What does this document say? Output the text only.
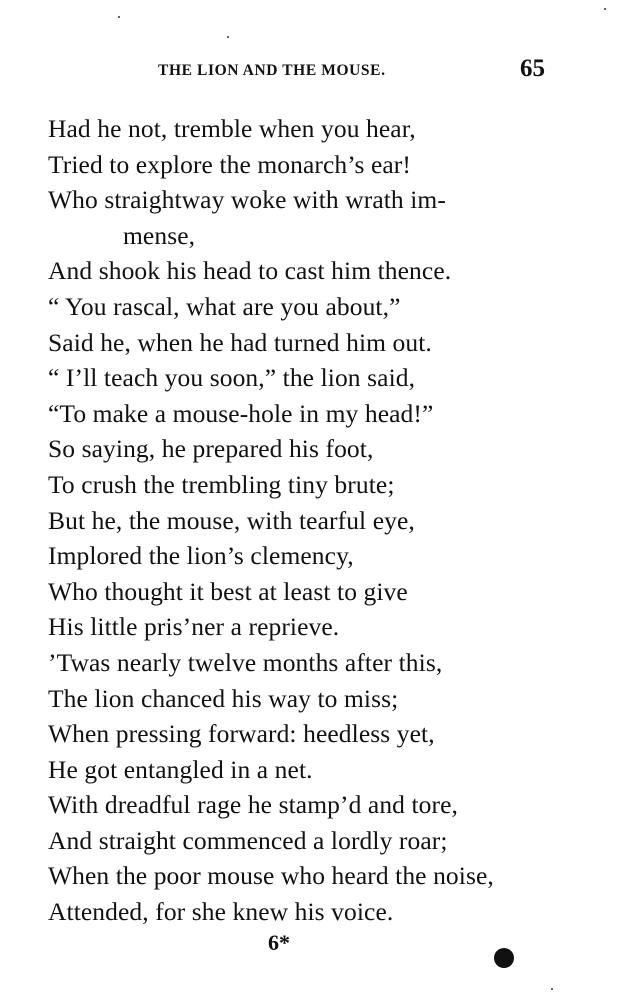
THE LION AND THE MOUSE.	65
Had he not, tremble when you hear,
Tried to explore the monarch’s ear!
Who straightway woke with wrath im-
mense,
And shook his head to cast him thence.
“ You rascal, what are you about,”
Said he, when he had turned him out.
“ I’ll teach you soon,” the lion said,
“To make a mouse-hole in my head!”
So saying, he prepared his foot,
To crush the trembling tiny brute;
But he, the mouse, with tearful eye,
Implored the lion’s clemency,
Who thought it best at least to give
His little pris’ner a reprieve.
’Twas nearly twelve months after this,
The lion chanced his way to miss;
When pressing forward: heedless yet,
He got entangled in a net.
With dreadful rage he stamp’d and tore,
And straight commenced a lordly roar;
When the poor mouse who heard the noise,
Attended, for she knew his voice.
6*
